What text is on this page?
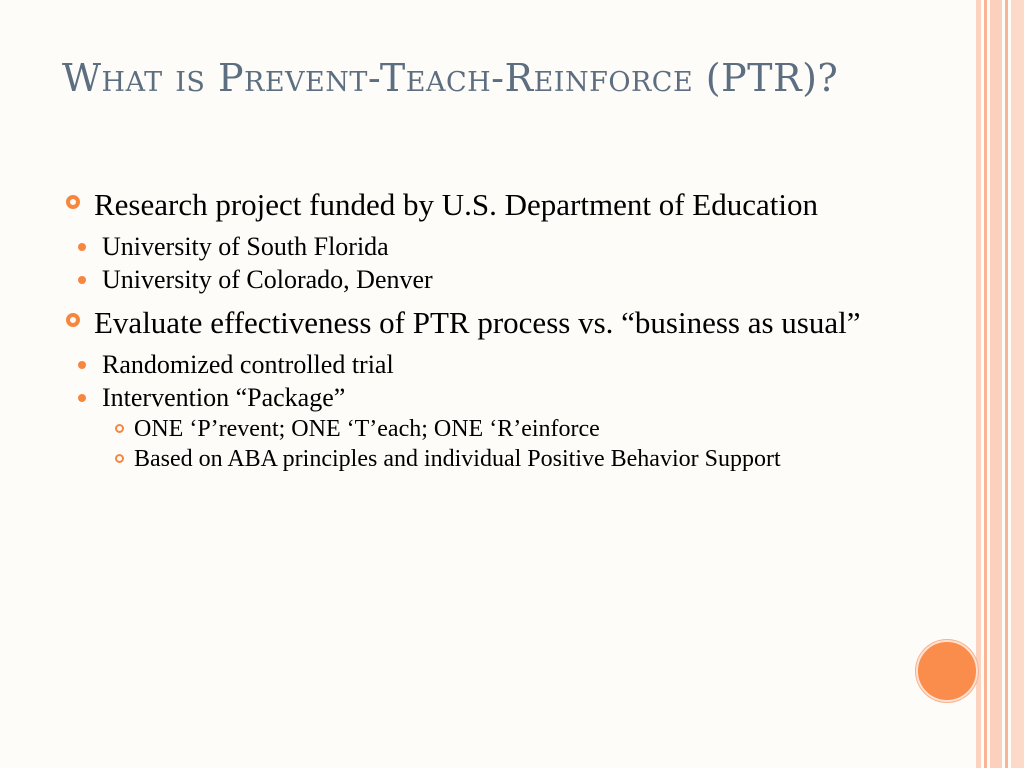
What is Prevent-Teach-Reinforce (PTR)?
Research project funded by U.S. Department of Education
University of South Florida
University of Colorado, Denver
Evaluate effectiveness of PTR process vs. “business as usual”
Randomized controlled trial
Intervention “Package”
ONE ‘P’revent; ONE ‘T’each; ONE ‘R’einforce
Based on ABA principles and individual Positive Behavior Support
